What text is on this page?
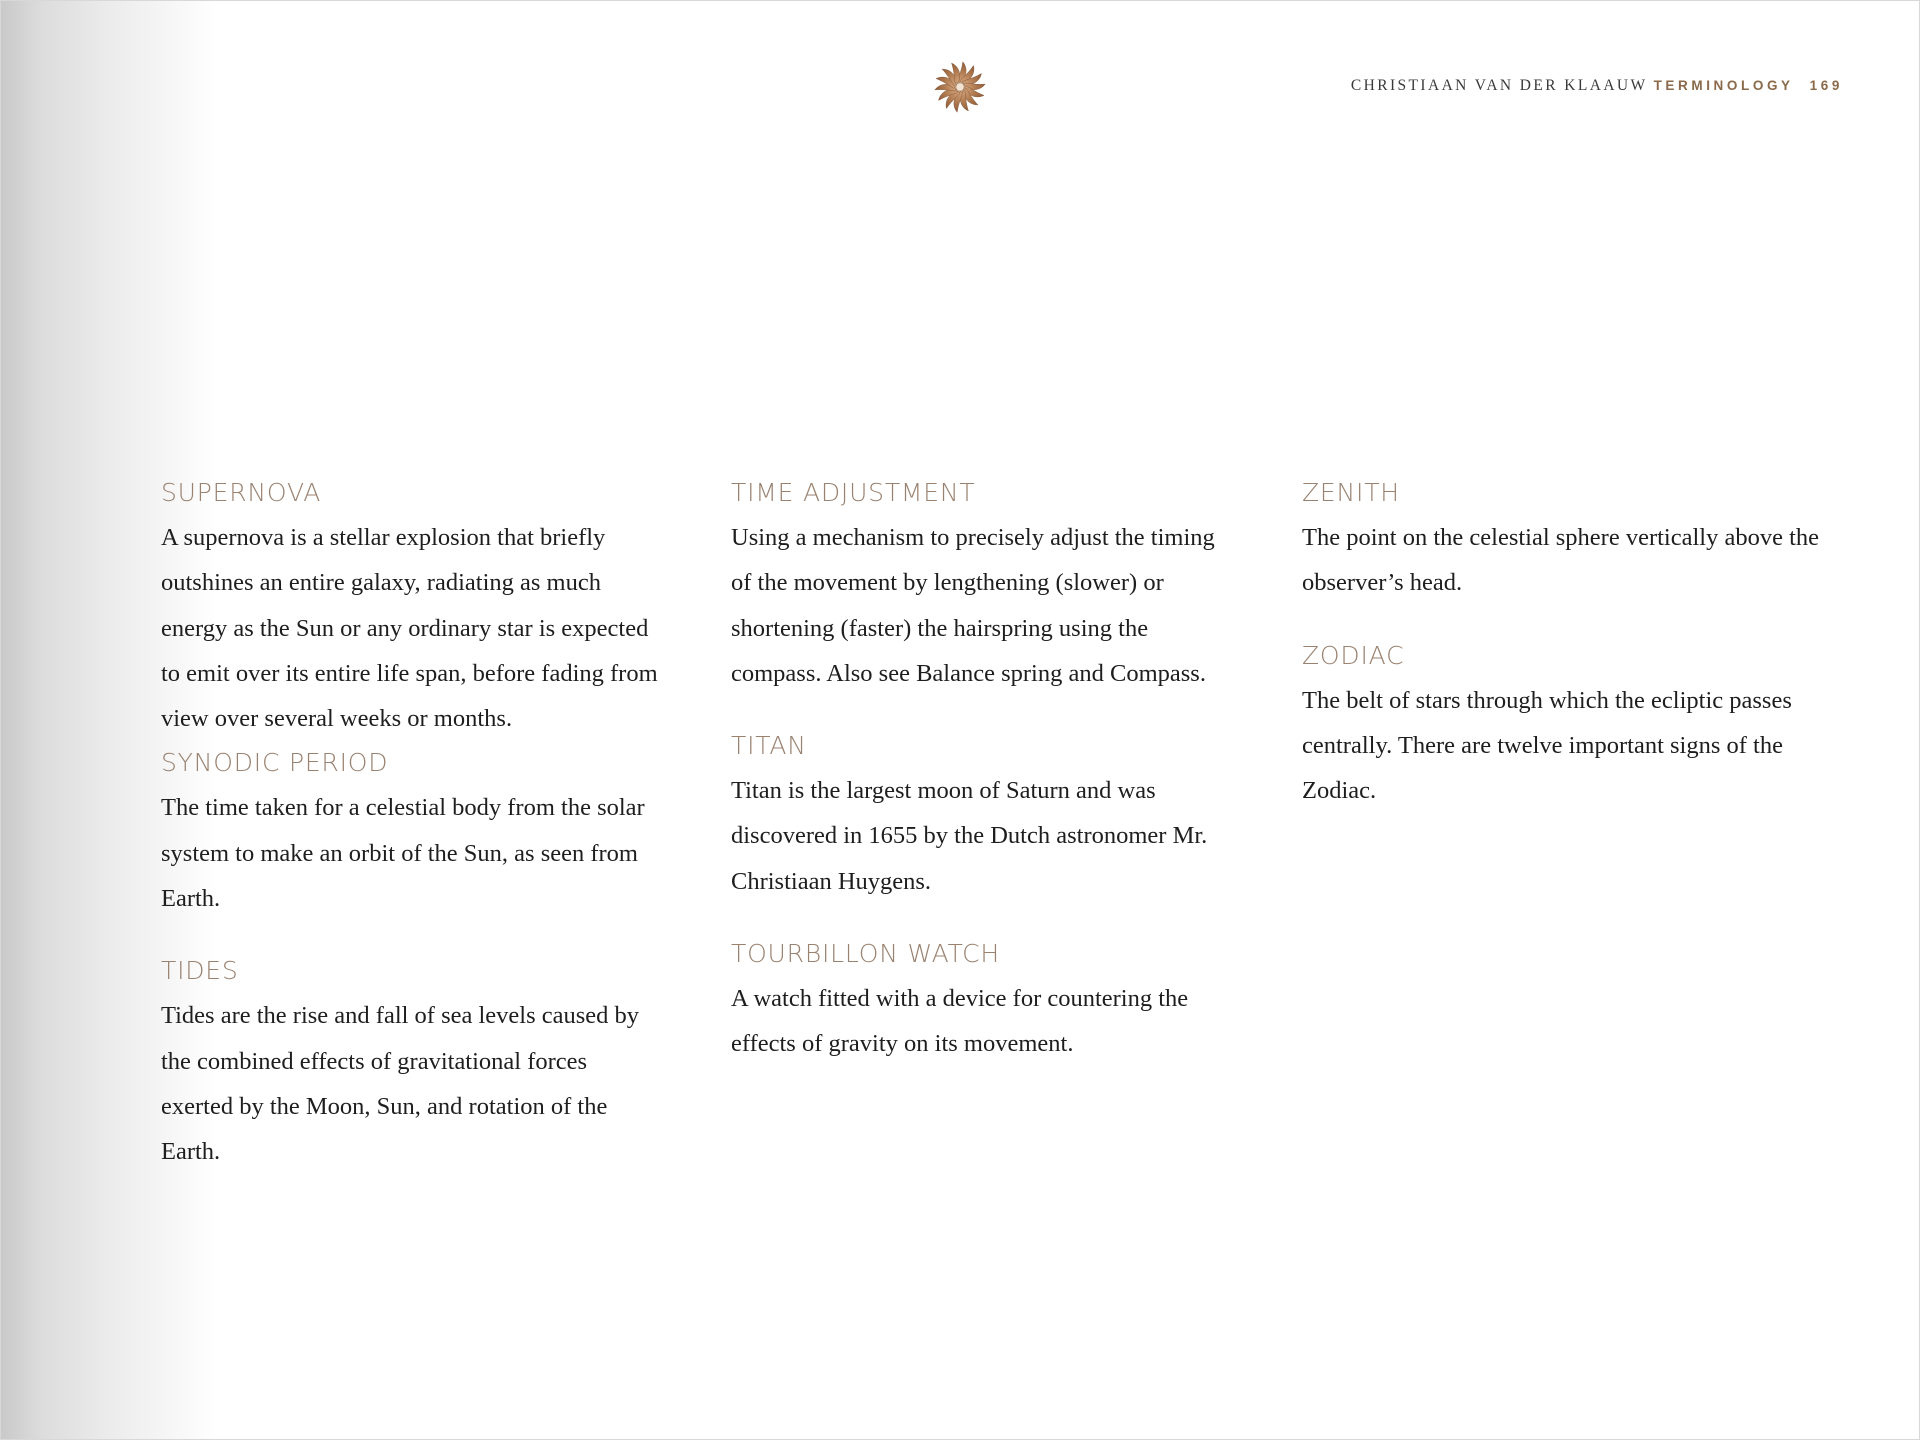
CHRISTIAAN VAN DER KLAAUW TERMINOLOGY 169
SUPERNOVA

A supernova is a stellar explosion that briefly outshines an entire galaxy, radiating as much energy as the Sun or any ordinary star is expected to emit over its entire life span, before fading from view over several weeks or months.

SYNODIC PERIOD

The time taken for a celestial body from the solar system to make an orbit of the Sun, as seen from Earth.

TIDES

Tides are the rise and fall of sea levels caused by the combined effects of gravitational forces exerted by the Moon, Sun, and rotation of the Earth.

TIME ADJUSTMENT

Using a mechanism to precisely adjust the timing of the movement by lengthening (slower) or shortening (faster) the hairspring using the compass. Also see Balance spring and Compass.

TITAN

Titan is the largest moon of Saturn and was discovered in 1655 by the Dutch astronomer Mr. Christiaan Huygens.

TOURBILLON WATCH

A watch fitted with a device for countering the effects of gravity on its movement.

ZENITH

The point on the celestial sphere vertically above the observer’s head.

ZODIAC

The belt of stars through which the ecliptic passes centrally. There are twelve important signs of the Zodiac.
